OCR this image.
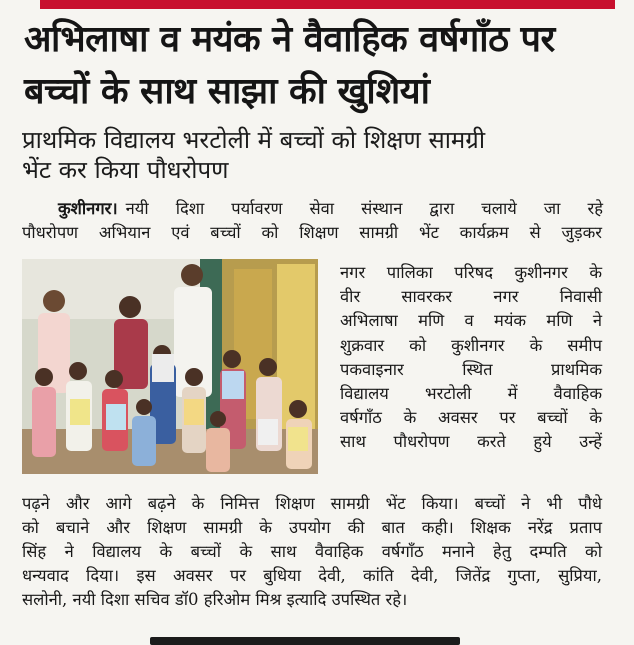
अभिलाषा व मयंक ने वैवाहिक वर्षगाँठ पर
बच्चों के साथ साझा की खुशियां
प्राथमिक विद्यालय भरटोली में बच्चों को शिक्षण सामग्री
भेंट कर किया पौधरोपण
कुशीनगर। नयी दिशा पर्यावरण सेवा संस्थान द्वारा चलाये जा रहे
पौधरोपण अभियान एवं बच्चों को शिक्षण सामग्री भेंट कार्यक्रम से जुड़कर
नगर पालिका परिषद कुशीनगर के
वीर सावरकर नगर निवासी
अभिलाषा मणि व मयंक मणि ने
शुक्रवार को कुशीनगर के समीप
पकवाइनार स्थित प्राथमिक
विद्यालय भरटोली में वैवाहिक
वर्षगाँठ के अवसर पर बच्चों के
साथ पौधरोपण करते हुये उन्हें
पढ़ने और आगे बढ़ने के निमित्त शिक्षण सामग्री भेंट किया। बच्चों ने भी पौधे
को बचाने और शिक्षण सामग्री के उपयोग की बात कही। शिक्षक नरेंद्र प्रताप
सिंह ने विद्यालय के बच्चों के साथ वैवाहिक वर्षगाँठ मनाने हेतु दम्पति को
धन्यवाद दिया। इस अवसर पर बुधिया देवी, कांति देवी, जितेंद्र गुप्ता, सुप्रिया,
सलोनी, नयी दिशा सचिव डॉ0 हरिओम मिश्र इत्यादि उपस्थित रहे।
